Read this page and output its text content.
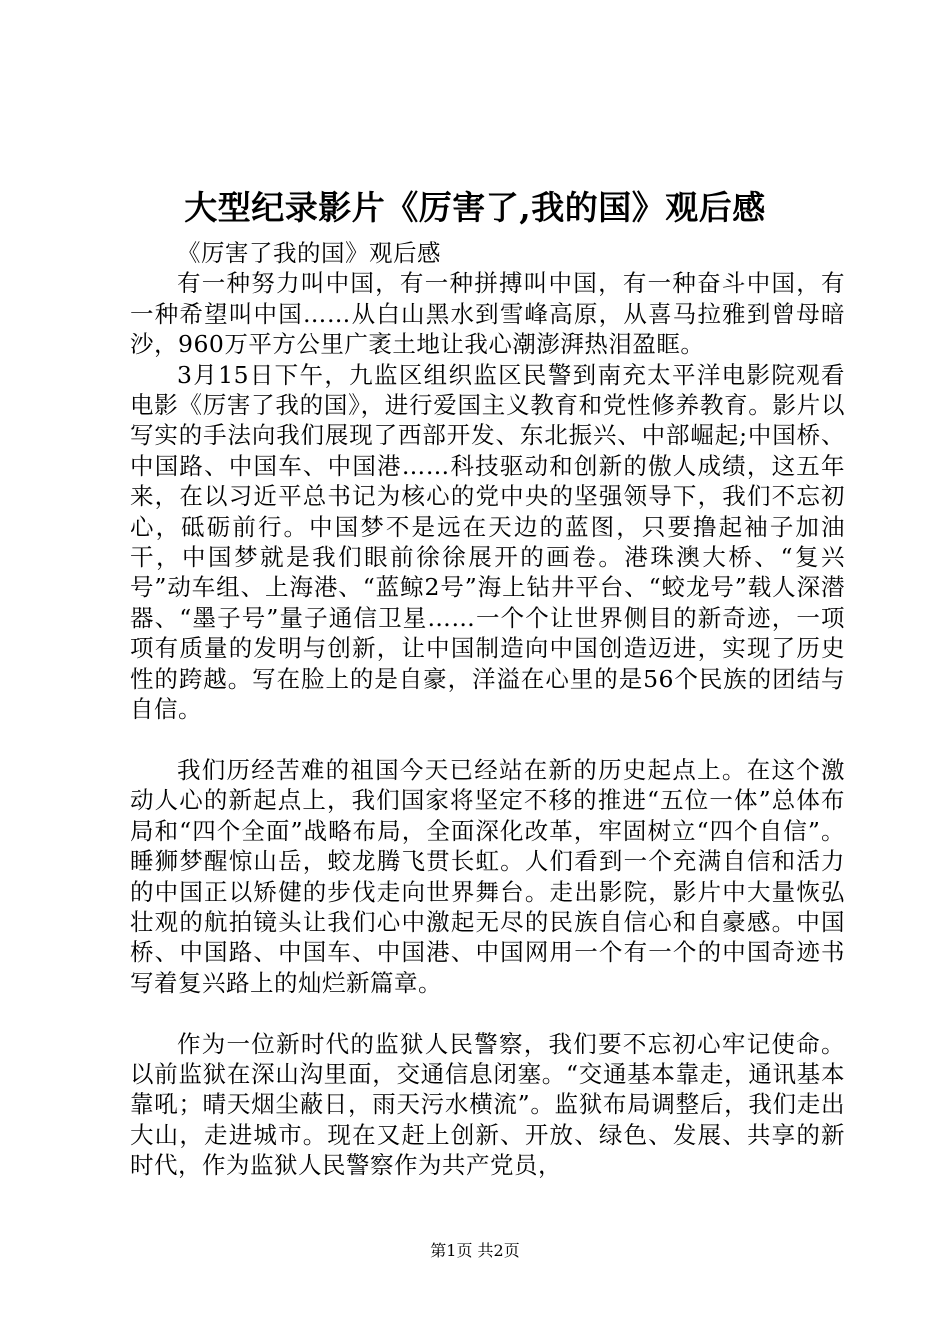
大型纪录影片《厉害了,我的国》观后感

《厉害了我的国》观后感

有一种努力叫中国，有一种拼搏叫中国，有一种奋斗中国，有一种希望叫中国……从白山黑水到雪峰高原，从喜马拉雅到曾母暗沙，960万平方公里广袤土地让我心潮澎湃热泪盈眶。

3月15日下午，九监区组织监区民警到南充太平洋电影院观看电影《厉害了我的国》，进行爱国主义教育和党性修养教育。影片以写实的手法向我们展现了西部开发、东北振兴、中部崛起;中国桥、中国路、中国车、中国港……科技驱动和创新的傲人成绩，这五年来，在以习近平总书记为核心的党中央的坚强领导下，我们不忘初心，砥砺前行。中国梦不是远在天边的蓝图，只要撸起袖子加油干，中国梦就是我们眼前徐徐展开的画卷。港珠澳大桥、“复兴号”动车组、上海港、“蓝鲸2号”海上钻井平台、“蛟龙号”载人深潜器、“墨子号”量子通信卫星……一个个让世界侧目的新奇迹，一项项有质量的发明与创新，让中国制造向中国创造迈进，实现了历史性的跨越。写在脸上的是自豪，洋溢在心里的是56个民族的团结与自信。

我们历经苦难的祖国今天已经站在新的历史起点上。在这个激动人心的新起点上，我们国家将坚定不移的推进“五位一体”总体布局和“四个全面”战略布局，全面深化改革，牢固树立“四个自信”。睡狮梦醒惊山岳，蛟龙腾飞贯长虹。人们看到一个充满自信和活力的中国正以矫健的步伐走向世界舞台。走出影院，影片中大量恢弘壮观的航拍镜头让我们心中激起无尽的民族自信心和自豪感。中国桥、中国路、中国车、中国港、中国网用一个有一个的中国奇迹书写着复兴路上的灿烂新篇章。

作为一位新时代的监狱人民警察，我们要不忘初心牢记使命。以前监狱在深山沟里面，交通信息闭塞。“交通基本靠走，通讯基本靠吼；晴天烟尘蔽日，雨天污水横流”。监狱布局调整后，我们走出大山，走进城市。现在又赶上创新、开放、绿色、发展、共享的新时代，作为监狱人民警察作为共产党员，

第1页 共2页
